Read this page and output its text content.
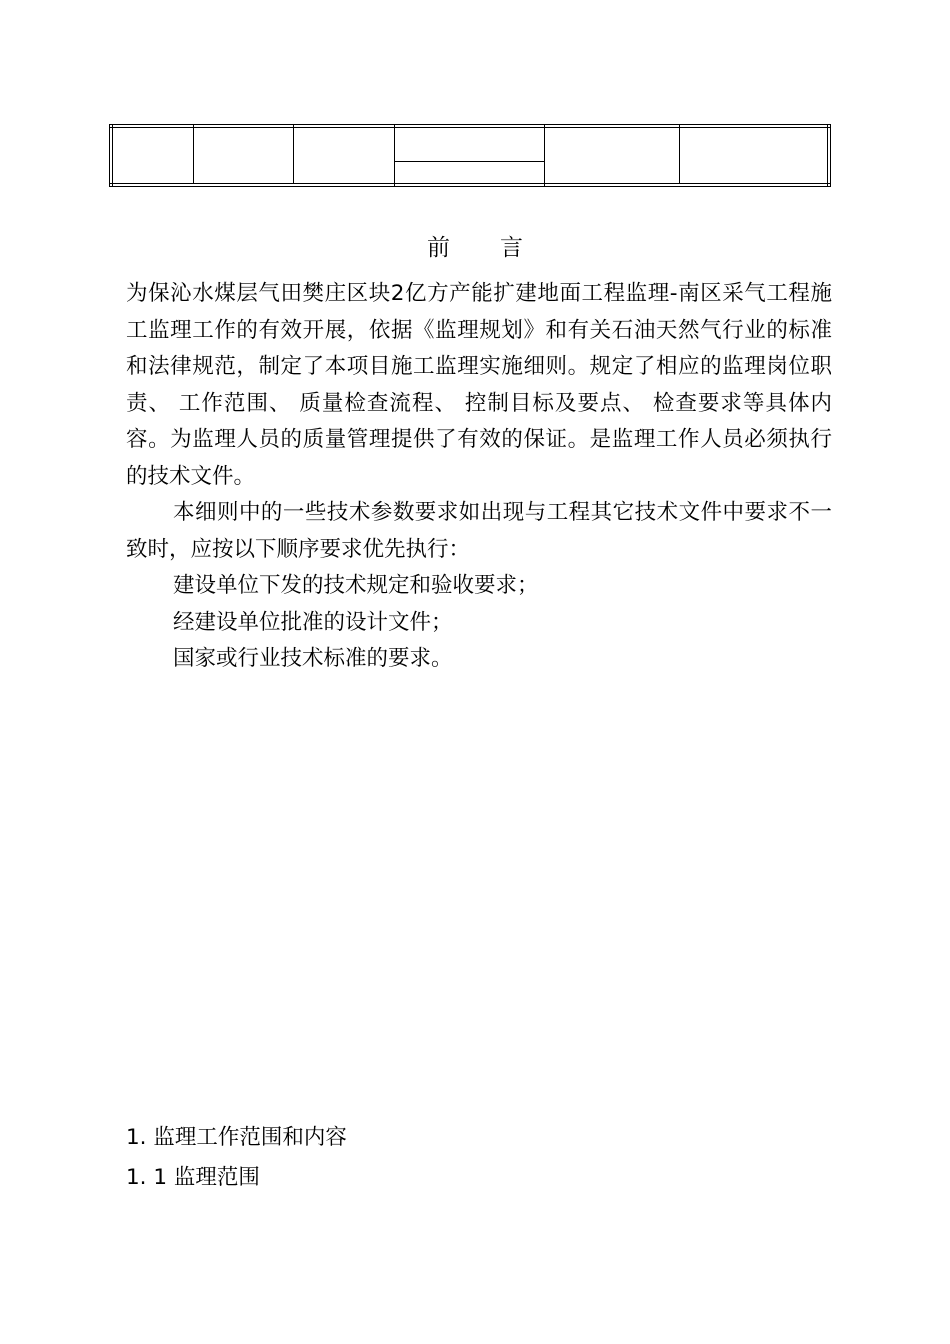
前 言

为保沁水煤层气田樊庄区块2亿方产能扩建地面工程监理-南区采气工程施工监理工作的有效开展，依据《监理规划》和有关石油天然气行业的标准和法律规范，制定了本项目施工监理实施细则。规定了相应的监理岗位职责、 工作范围、 质量检查流程、 控制目标及要点、 检查要求等具体内容。为监理人员的质量管理提供了有效的保证。是监理工作人员必须执行的技术文件。

本细则中的一些技术参数要求如出现与工程其它技术文件中要求不一致时，应按以下顺序要求优先执行：

建设单位下发的技术规定和验收要求；

经建设单位批准的设计文件；

国家或行业技术标准的要求。

1. 监理工作范围和内容

1. 1 监理范围
